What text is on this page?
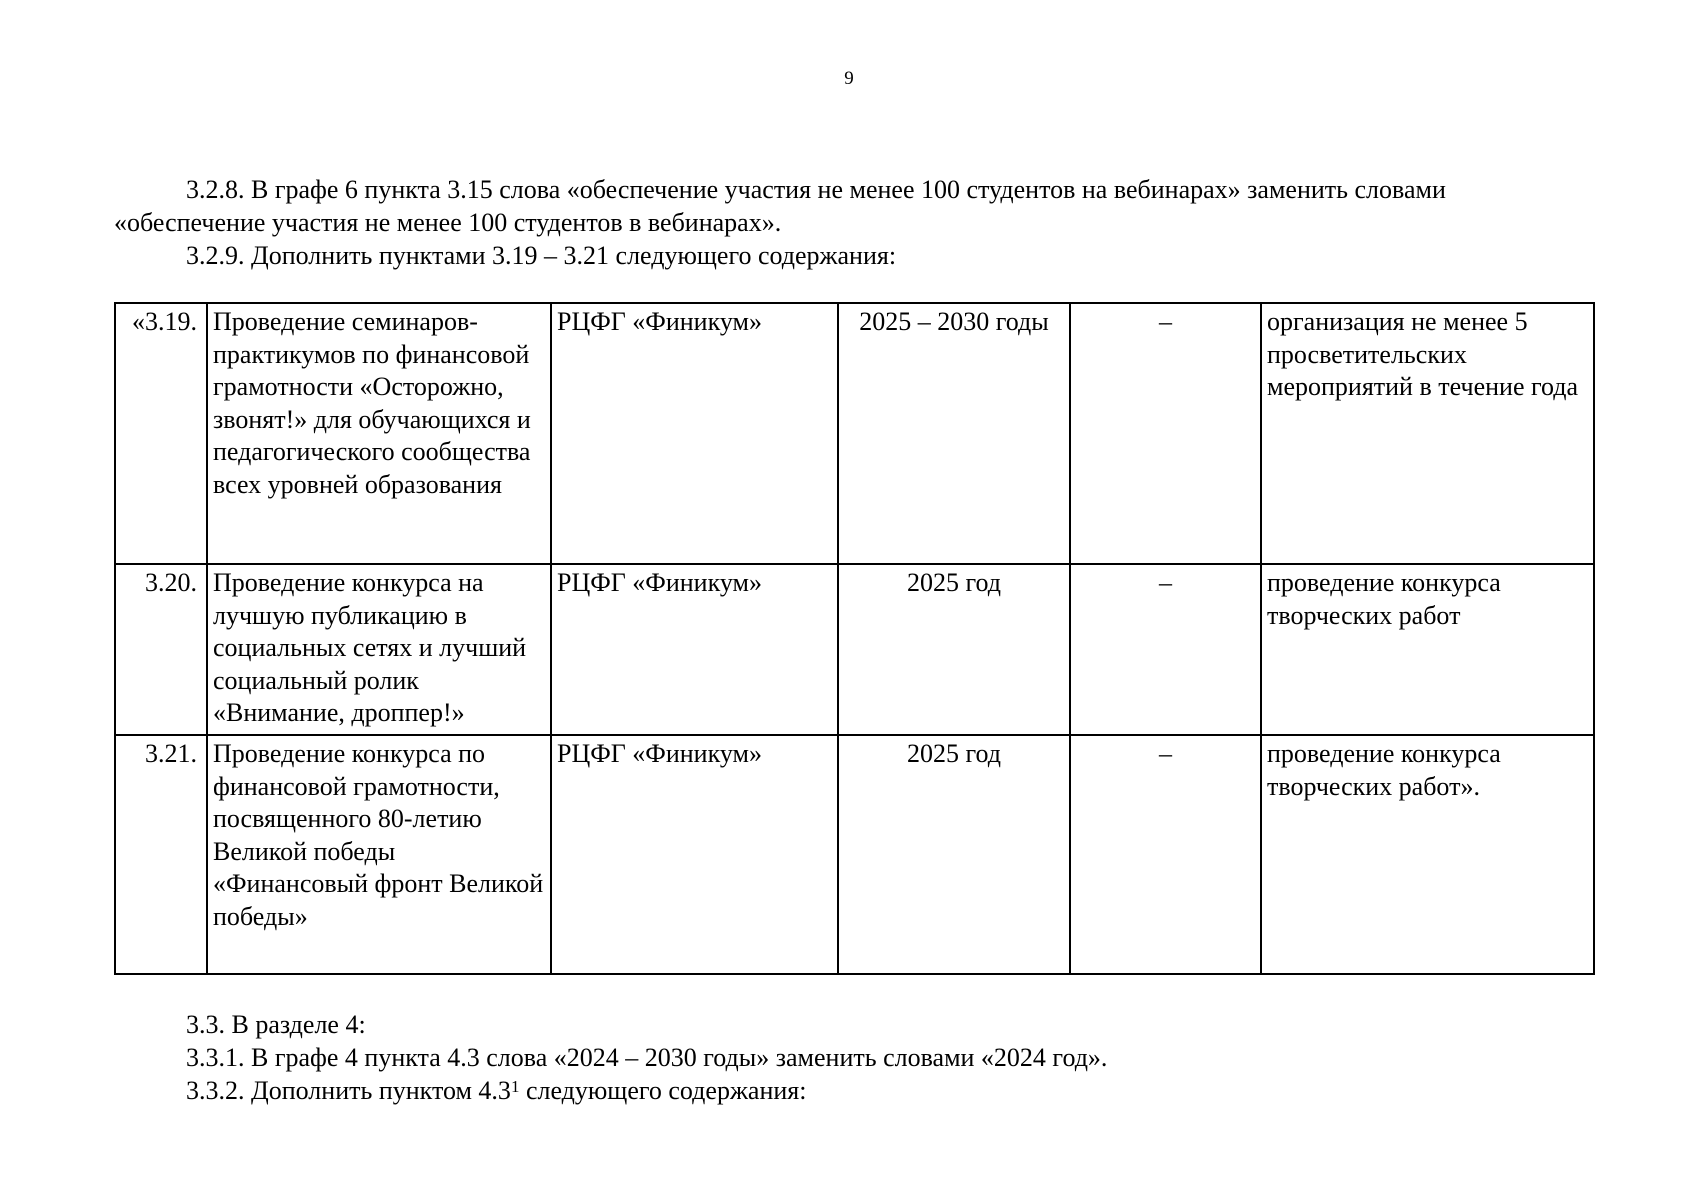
9
3.2.8. В графе 6 пункта 3.15 слова «обеспечение участия не менее 100 студентов на вебинарах» заменить словами «обеспечение участия не менее 100 студентов в вебинарах».
3.2.9. Дополнить пунктами 3.19 – 3.21 следующего содержания:
«3.19.	Проведение семинаров-практикумов по финансовой грамотности «Осторожно, звонят!» для обучающихся и педагогического сообщества всех уровней образования	РЦФГ «Финикум»	2025 – 2030 годы	–	организация не менее 5 просветительских мероприятий в течение года
3.20.	Проведение конкурса на лучшую публикацию в социальных сетях и лучший социальный ролик «Внимание, дроппер!»	РЦФГ «Финикум»	2025 год	–	проведение конкурса творческих работ
3.21.	Проведение конкурса по финансовой грамотности, посвященного 80-летию Великой победы «Финансовый фронт Великой победы»	РЦФГ «Финикум»	2025 год	–	проведение конкурса творческих работ».
3.3. В разделе 4:
3.3.1. В графе 4 пункта 4.3 слова «2024 – 2030 годы» заменить словами «2024 год».
3.3.2. Дополнить пунктом 4.3$^1$ следующего содержания:
